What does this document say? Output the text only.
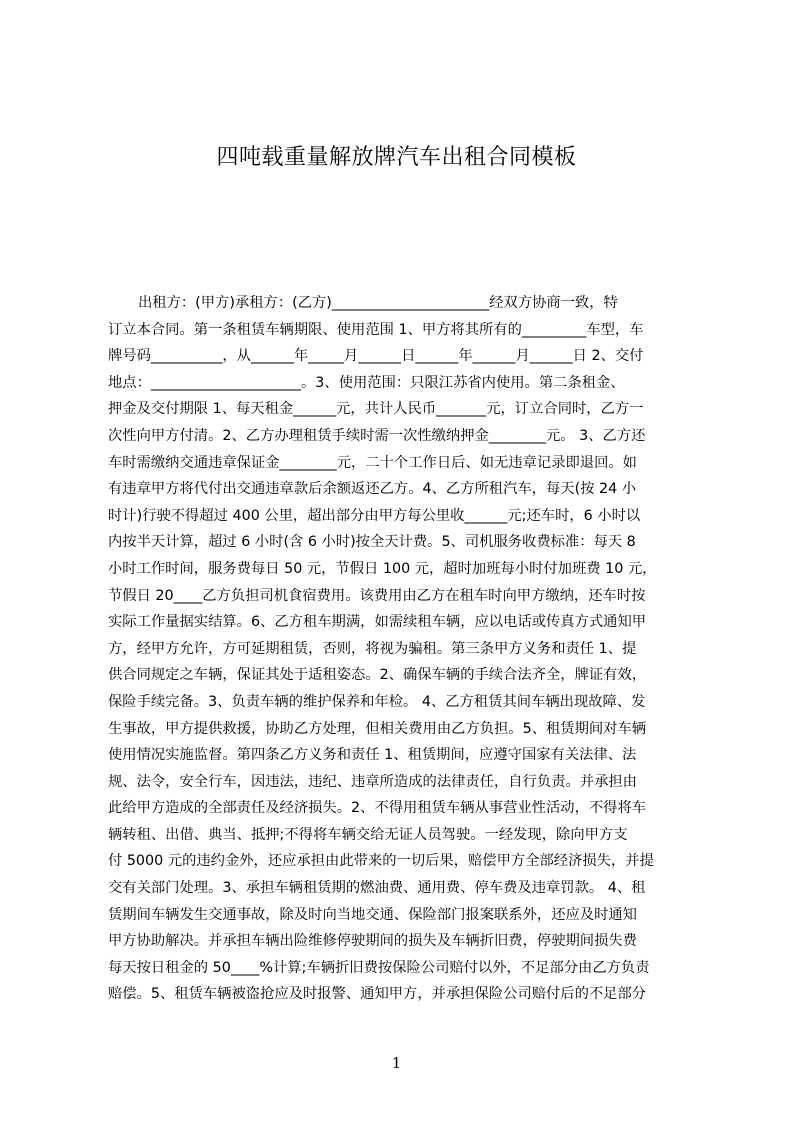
四吨载重量解放牌汽车出租合同模板
出租方：(甲方)承租方：(乙方)______________________经双方协商一致，特
订立本合同。第一条租赁车辆期限、使用范围 1、甲方将其所有的_________车型，车
牌号码__________，从______年_____月______日______年______月______日 2、交付
地点：_____________________。3、使用范围：只限江苏省内使用。第二条租金、
押金及交付期限 1、每天租金______元，共计人民币_______元，订立合同时，乙方一
次性向甲方付清。2、乙方办理租赁手续时需一次性缴纳押金________元。 3、乙方还
车时需缴纳交通违章保证金________元，二十个工作日后、如无违章记录即退回。如
有违章甲方将代付出交通违章款后余额返还乙方。4、乙方所租汽车，每天(按 24 小
时计)行驶不得超过 400 公里，超出部分由甲方每公里收______元;还车时，6 小时以
内按半天计算，超过 6 小时(含 6 小时)按全天计费。5、司机服务收费标准：每天 8
小时工作时间，服务费每日 50 元，节假日 100 元，超时加班每小时付加班费 10 元，
节假日 20____乙方负担司机食宿费用。该费用由乙方在租车时向甲方缴纳，还车时按
实际工作量据实结算。6、乙方租车期满，如需续租车辆，应以电话或传真方式通知甲
方，经甲方允许，方可延期租赁，否则，将视为骗租。第三条甲方义务和责任 1、提
供合同规定之车辆，保证其处于适租姿态。2、确保车辆的手续合法齐全，牌证有效，
保险手续完备。3、负责车辆的维护保养和年检。 4、乙方租赁其间车辆出现故障、发
生事故，甲方提供救援，协助乙方处理，但相关费用由乙方负担。5、租赁期间对车辆
使用情况实施监督。第四条乙方义务和责任 1、租赁期间，应遵守国家有关法律、法
规、法令，安全行车，因违法，违纪、违章所造成的法律责任，自行负责。并承担由
此给甲方造成的全部责任及经济损失。2、不得用租赁车辆从事营业性活动，不得将车
辆转租、出借、典当、抵押;不得将车辆交给无证人员驾驶。一经发现，除向甲方支
付 5000 元的违约金外，还应承担由此带来的一切后果，赔偿甲方全部经济损失，并提
交有关部门处理。3、承担车辆租赁期的燃油费、通用费、停车费及违章罚款。 4、租
赁期间车辆发生交通事故，除及时向当地交通、保险部门报案联系外，还应及时通知
甲方协助解决。并承担车辆出险维修停驶期间的损失及车辆折旧费，停驶期间损失费
每天按日租金的 50____%计算;车辆折旧费按保险公司赔付以外，不足部分由乙方负责
赔偿。5、租赁车辆被盗抢应及时报警、通知甲方，并承担保险公司赔付后的不足部分
1
